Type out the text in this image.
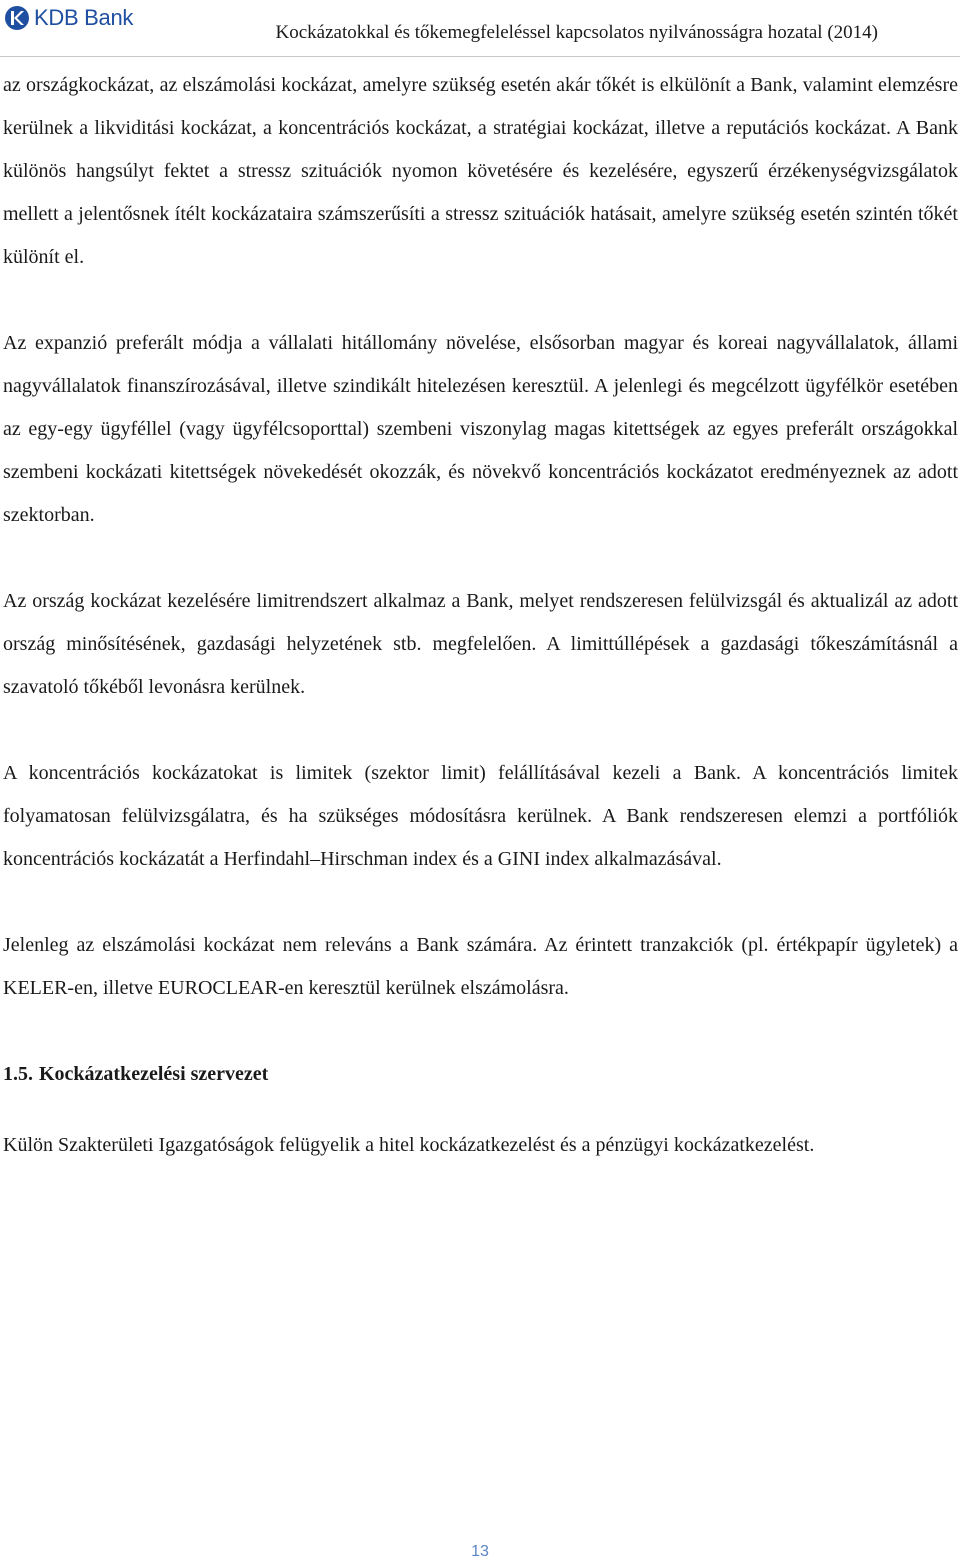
KDB Bank
Kockázatokkal és tőkemegfeleléssel kapcsolatos nyilvánosságra hozatal (2014)

az országkockázat, az elszámolási kockázat, amelyre szükség esetén akár tőkét is elkülönít a Bank, valamint elemzésre kerülnek a likviditási kockázat, a koncentrációs kockázat, a stratégiai kockázat, illetve a reputációs kockázat. A Bank különös hangsúlyt fektet a stressz szituációk nyomon követésére és kezelésére, egyszerű érzékenységvizsgálatok mellett a jelentősnek ítélt kockázataira számszerűsíti a stressz szituációk hatásait, amelyre szükség esetén szintén tőkét különít el.

Az expanzió preferált módja a vállalati hitállomány növelése, elsősorban magyar és koreai nagyvállalatok, állami nagyvállalatok finanszírozásával, illetve szindikált hitelezésen keresztül. A jelenlegi és megcélzott ügyfélkör esetében az egy-egy ügyféllel (vagy ügyfélcsoporttal) szembeni viszonylag magas kitettségek az egyes preferált országokkal szembeni kockázati kitettségek növekedését okozzák, és növekvő koncentrációs kockázatot eredményeznek az adott szektorban.

Az ország kockázat kezelésére limitrendszert alkalmaz a Bank, melyet rendszeresen felülvizsgál és aktualizál az adott ország minősítésének, gazdasági helyzetének stb. megfelelően. A limittúllépések a gazdasági tőkeszámításnál a szavatoló tőkéből levonásra kerülnek.

A koncentrációs kockázatokat is limitek (szektor limit) felállításával kezeli a Bank. A koncentrációs limitek folyamatosan felülvizsgálatra, és ha szükséges módosításra kerülnek. A Bank rendszeresen elemzi a portfóliók koncentrációs kockázatát a Herfindahl–Hirschman index és a GINI index alkalmazásával.

Jelenleg az elszámolási kockázat nem releváns a Bank számára. Az érintett tranzakciók (pl. értékpapír ügyletek) a KELER-en, illetve EUROCLEAR-en keresztül kerülnek elszámolásra.

1.5. Kockázatkezelési szervezet

Külön Szakterületi Igazgatóságok felügyelik a hitel kockázatkezelést és a pénzügyi kockázatkezelést.

13
